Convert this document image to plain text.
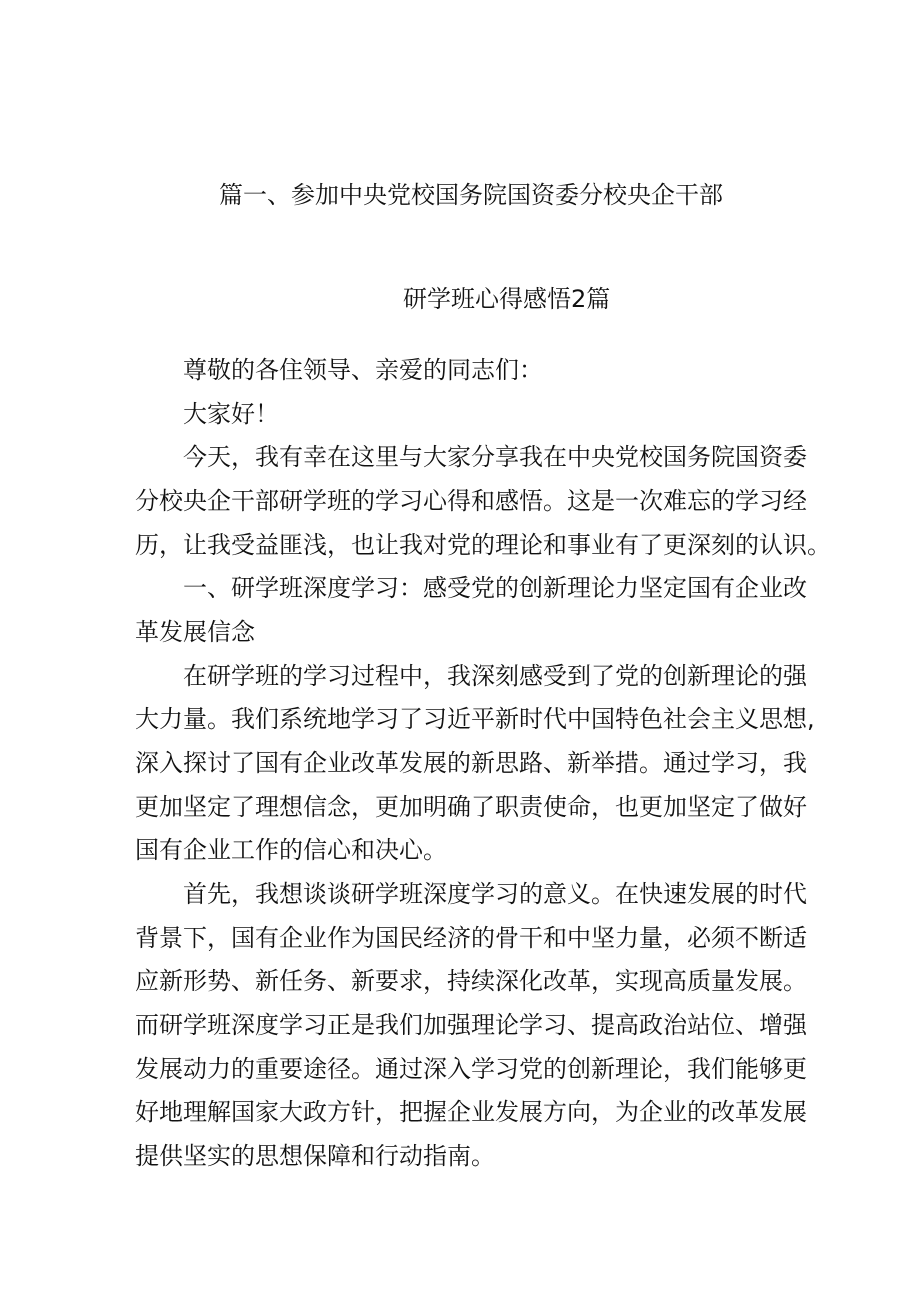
篇一、参加中央党校国务院国资委分校央企干部
研学班心得感悟2篇

尊敬的各住领导、亲爱的同志们：

大家好！

今天，我有幸在这里与大家分享我在中央党校国务院国资委

分校央企干部研学班的学习心得和感悟。这是一次难忘的学习经

历，让我受益匪浅，也让我对党的理论和事业有了更深刻的认识。

一、研学班深度学习：感受党的创新理论力坚定国有企业改

革发展信念

在研学班的学习过程中，我深刻感受到了党的创新理论的强

大力量。我们系统地学习了习近平新时代中国特色社会主义思想,

深入探讨了国有企业改革发展的新思路、新举措。通过学习，我

更加坚定了理想信念，更加明确了职责使命，也更加坚定了做好

国有企业工作的信心和决心。

首先，我想谈谈研学班深度学习的意义。在快速发展的时代

背景下，国有企业作为国民经济的骨干和中坚力量，必须不断适

应新形势、新任务、新要求，持续深化改革，实现高质量发展。

而研学班深度学习正是我们加强理论学习、提高政治站位、增强

发展动力的重要途径。通过深入学习党的创新理论，我们能够更

好地理解国家大政方针，把握企业发展方向，为企业的改革发展

提供坚实的思想保障和行动指南。
